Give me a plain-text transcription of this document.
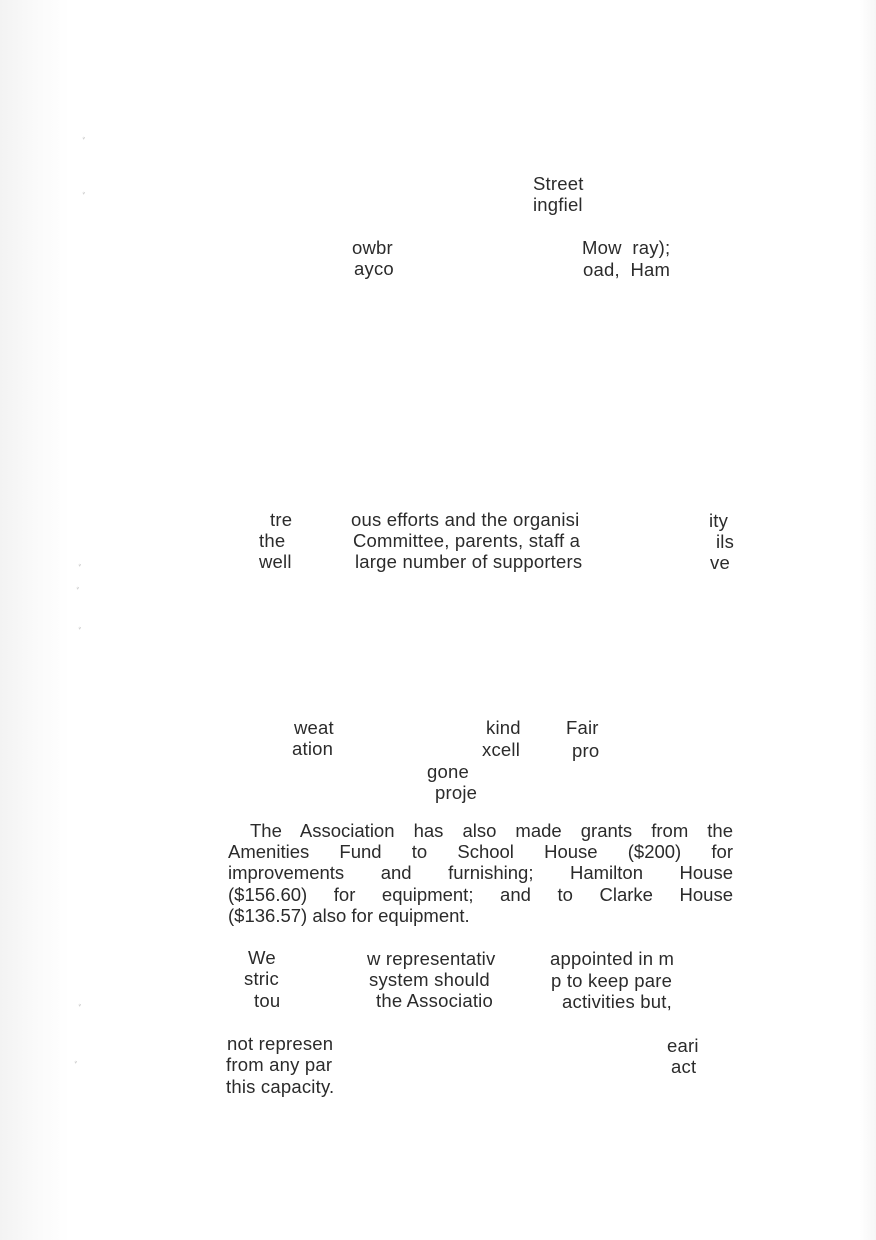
Street
ingfiel
owbr
ayco
Mow  ray);
oad,  Ham
tre
the
well
ous efforts and the organisi
Committee, parents, staff a
large number of supporters
ity
ils
ve
weat
ation
kind
xcell
Fair
pro
gone
proje
The Association has also made grants from the
Amenities Fund to School House ($200) for
improvements and furnishing; Hamilton House
($156.60) for equipment; and to Clarke House
($136.57) also for equipment.
We
stric
tou
w representativ
system should
the Associatio
appointed in m
p to keep pare
activities but,
not represen
from any par
this capacity.
eari
act
ﾞ
ﾞ
ﾞ
ﾞ
ﾞ
ﾞ
ﾞ
